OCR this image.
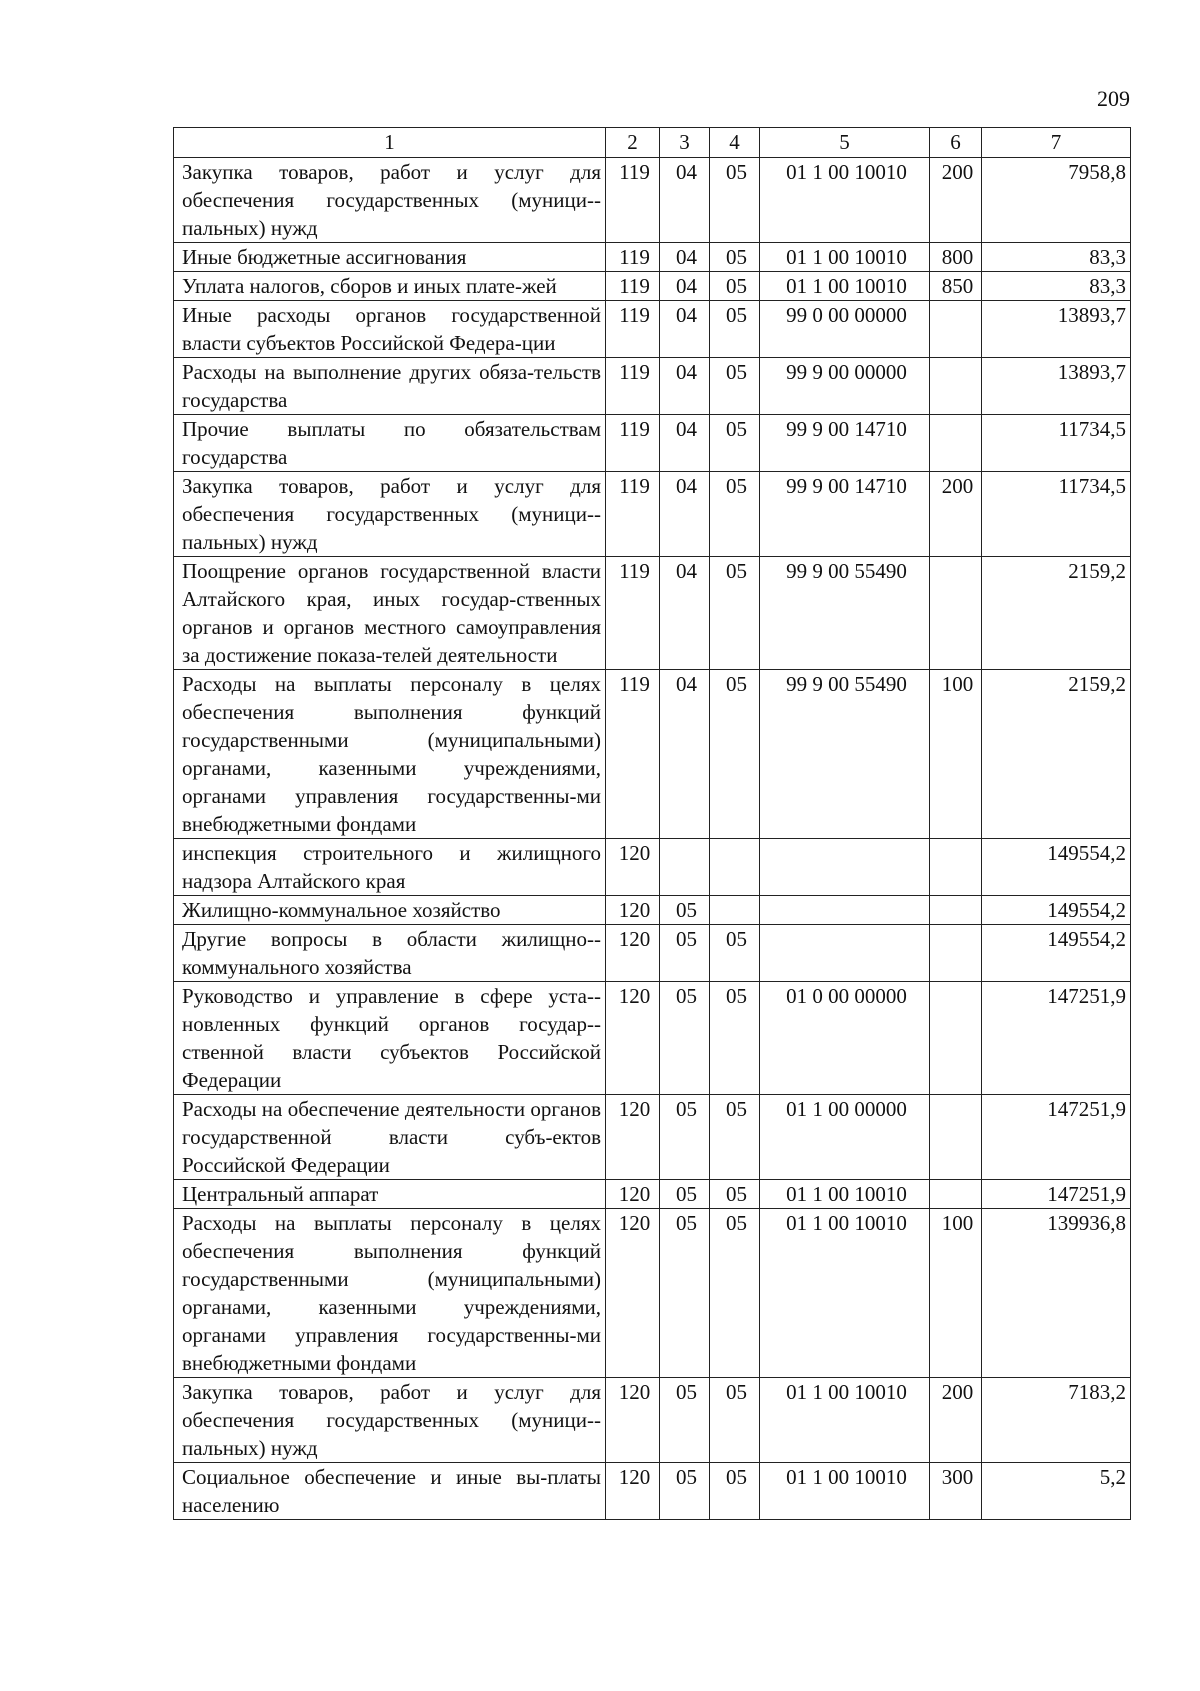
209
1	2	3	4	5	6	7
Закупка товаров, работ и услуг для обеспечения государственных (муници-пальных) нужд	119	04	05	01 1 00 10010	200	7958,8
Иные бюджетные ассигнования	119	04	05	01 1 00 10010	800	83,3
Уплата налогов, сборов и иных плате-жей	119	04	05	01 1 00 10010	850	83,3
Иные расходы органов государственной власти субъектов Российской Федера-ции	119	04	05	99 0 00 00000		13893,7
Расходы на выполнение других обяза-тельств государства	119	04	05	99 9 00 00000		13893,7
Прочие выплаты по обязательствам государства	119	04	05	99 9 00 14710		11734,5
Закупка товаров, работ и услуг для обеспечения государственных (муници-пальных) нужд	119	04	05	99 9 00 14710	200	11734,5
Поощрение органов государственной власти Алтайского края, иных государ-ственных органов и органов местного самоуправления за достижение показа-телей деятельности	119	04	05	99 9 00 55490		2159,2
Расходы на выплаты персоналу в целях обеспечения выполнения функций государственными (муниципальными) органами, казенными учреждениями, органами управления государственны-ми внебюджетными фондами	119	04	05	99 9 00 55490	100	2159,2
инспекция строительного и жилищного надзора Алтайского края	120					149554,2
Жилищно-коммунальное хозяйство	120	05				149554,2
Другие вопросы в области жилищно-коммунального хозяйства	120	05	05			149554,2
Руководство и управление в сфере уста-новленных функций органов государ-ственной власти субъектов Российской Федерации	120	05	05	01 0 00 00000		147251,9
Расходы на обеспечение деятельности органов государственной власти субъ-ектов Российской Федерации	120	05	05	01 1 00 00000		147251,9
Центральный аппарат	120	05	05	01 1 00 10010		147251,9
Расходы на выплаты персоналу в целях обеспечения выполнения функций государственными (муниципальными) органами, казенными учреждениями, органами управления государственны-ми внебюджетными фондами	120	05	05	01 1 00 10010	100	139936,8
Закупка товаров, работ и услуг для обеспечения государственных (муници-пальных) нужд	120	05	05	01 1 00 10010	200	7183,2
Социальное обеспечение и иные вы-платы населению	120	05	05	01 1 00 10010	300	5,2
